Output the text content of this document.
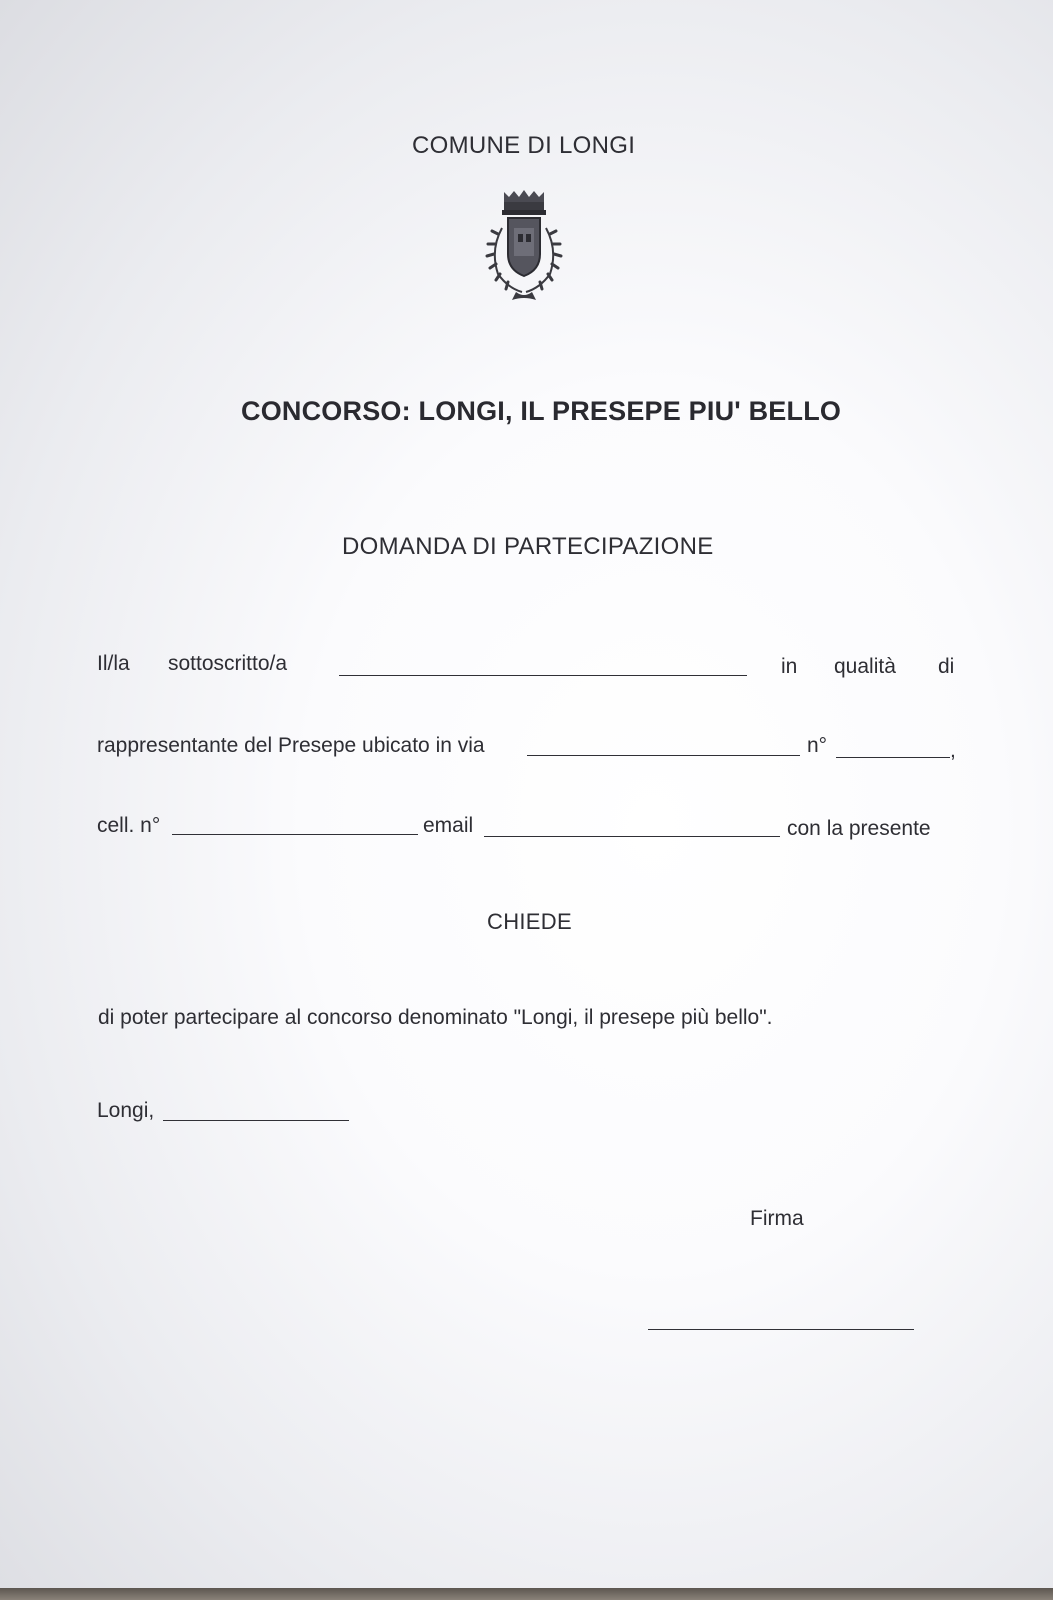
COMUNE DI LONGI
CONCORSO: LONGI, IL PRESEPE PIU' BELLO
DOMANDA DI PARTECIPAZIONE
Il/la sottoscritto/a	in qualità di
rappresentante del Presepe ubicato in via	n°	,
cell. n°	email	con la presente
CHIEDE
di poter partecipare al concorso denominato "Longi, il presepe più bello".
Longi,
Firma
